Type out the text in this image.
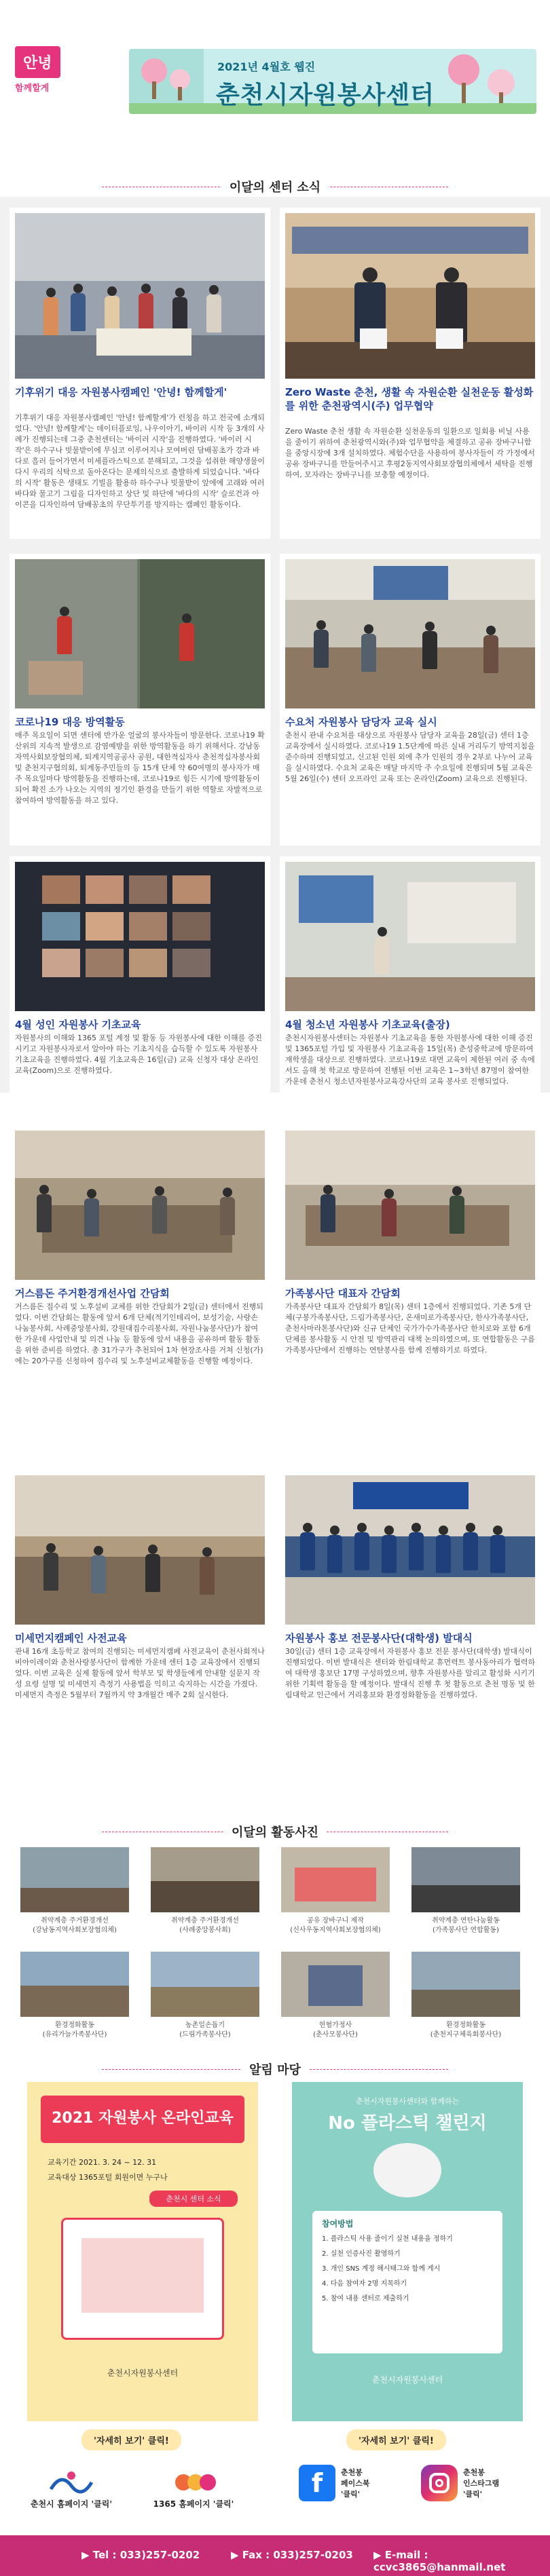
안녕
함께할게
2021년 4월호 웹진
춘천시자원봉사센터
이달의 센터 소식
기후위기 대응 자원봉사캠페인 '안녕! 함께할게'
기후위기 대응 자원봉사캠페인 '안녕! 함께할게'가 런칭을 하고 전국에 소개되었다. '안녕! 함께할게'는 데이터플로잉, 나우이아기, 바이러 시작 등 3개의 사례가 진행되는데 그중 춘천센터는 '바이러 시작'을 진행하였다. '바이러 시작'은 하수구나 빗물받이에 무심코 이루어지나 모여버린 담배꽁초가 강과 바다로 흘러 들어가면서 미세플라스틱으로 분해되고, 그것을 섭취한 해양생물이 다시 우리의 식탁으로 돌아온다는 문제의식으로 출발하게 되었습니다. '바다의 시작' 활동은 생태도 기빌을 활용하 하수구나 빗물받이 앞에에 고래와 여러 바다와 물고기 그림을 디자인하고 상단 및 하단에 '바다의 시작' 슬로건과 아이콘을 디자인하여 담배꽁초의 무단투기를 방지하는 캠페인 활동이다.
Zero Waste 춘천, 생활 속 자원순환 실천운동 활성화를 위한 춘천광역시(주) 업무협약
Zero Waste 춘천 생활 속 자원순환 실천운동의 일환으로 일회용 비닐 사용을 줄이기 위하여 춘천광역시와(주)와 업무협약을 체결하고 공유 장바구니함을 중앙시장에 3개 설치하였다. 체험수단을 사용하여 봉사자들이 각 가정에서 공유 장바구니를 만들어주시고 후평2동지역사회보장협의체에서 세탁을 진행하여, 모자라는 장바구니를 보충할 예정이다.
코로나19 대응 방역활동
매주 목요일이 되면 센터에 반가운 얼굴의 봉사자들이 방문한다. 코로나19 확산위의 지속적 발생으로 감염예방을 위한 방역활동을 하기 위해서다. 강남동자역사회보장협의체, 퇴계지역공공사 공원, 대한적십자사 춘천적십자봉사회 및 춘천지구협의회, 퇴계동주민들의 등 15개 단체 약 60여명의 봉사자가 매주 목요일마다 방역활동을 진행하는데, 코로나19로 힘든 시기에 방역활동이 되어 확진 소가 나오는 지역의 정기인 환경을 만들기 위한 역할로 자발적으로 참여하여 방역활동을 하고 있다.
수요처 자원봉사 담당자 교육 실시
춘천시 관내 수요처를 대상으로 자원봉사 담당자 교육을 28일(금) 센터 1층 교육장에서 실시하였다. 코로나19 1.5단계에 따른 실내 거리두기 방역지침을 준수하며 진행되었고, 신고된 인원 외에 추가 인원의 경우 2부로 나누어 교육을 실시하였다. 수요처 교육은 매달 마지막 주 수요일에 진행되며 5월 교육은 5월 26일(수) 센터 오프라인 교육 또는 온라인(Zoom) 교육으로 진행된다.
4월 성인 자원봉사 기초교육
자원봉사의 이해와 1365 포털 계정 및 활동 등 자원봉사에 대한 이해를 증진 시키고 자원봉사자로서 알아야 하는 기초지식을 습득할 수 있도록 자원봉사 기초교육을 진행하였다. 4월 기초교육은 16일(금) 교육 신청자 대상 온라인 교육(Zoom)으로 진행하였다.
4월 청소년 자원봉사 기초교육(출장)
춘천시자원봉사센터는 자원봉사 기초교육을 통한 자원봉사에 대한 이해 증진 및 1365포털 가입 및 자원봉사 기초교육을 15일(목) 춘성중학교에 방문하여 재학생을 대상으로 진행하였다. 코로나19로 대면 교육이 제한된 여러 중 속에서도 올해 첫 학교로 방문하여 진행된 이번 교육은 1~3학년 87명이 참여한 가운데 춘천시 청소년자원봉사교육강사단의 교육 봉사로 진행되었다.
거스름돈 주거환경개선사업 간담회
거스름돈 집수리 및 노후설비 교체를 위한 간담회가 2일(금) 센터에서 진행되었다. 이번 간담회는 활동에 앞서 6개 단체(적기인테리어, 보성기술, 사랑손나눔봉사회, 사례중앙봉사회, 강원대집수리봉사회, 자원나눔봉사단)가 참여한 가운데 사업안내 및 의견 나눔 등 활동에 앞서 내용을 공유하며 활동 활동을 위한 준비를 하였다. 총 31가구가 추천되어 1차 현장조사를 거쳐 신청(가)에는 20가구를 신청하여 집수리 및 노후설비교체활동을 진행할 예정이다.
가족봉사단 대표자 간담회
가족봉사단 대표자 간담회가 8일(목) 센터 1층에서 진행되었다. 기존 5개 단체(구봉가족봉사단, 드림가족봉사단, 온새미로가족봉사단, 한사가족봉사단, 춘천사마라톤봉사단)와 신규 단체인 국가가수가족봉사단 한치로와 포함 6개 단체를 봉사활동 시 안전 및 방역관리 대책 논의하였으며, 또 연합활동은 구름가족봉사단에서 진행하는 연탄봉사를 함께 진행하기로 하였다.
미세먼지캠페인 사전교육
관내 16개 초등학교 참여의 진행되는 미세먼지캠페 사전교육이 춘천사회적나비아이레이와 춘천사랑봉사단이 함께한 가운데 센터 1층 교육장에서 진행되었다. 이번 교육은 실제 활동에 앞서 학부모 및 학생들에게 안내할 설문지 작성 요령 설명 및 미세먼지 측정기 사용법을 익히고 숙지하는 시간을 가졌다. 미세먼지 측정은 5월부터 7월까지 약 3개월간 매주 2회 실시한다.
자원봉사 홍보 전문봉사단(대학생) 발대식
30일(금) 센터 1층 교육장에서 자원봉사 홍보 전문 봉사단(대학생) 발대식이 진행되었다. 이번 발대식은 센터와 한림대학교 휴먼력트 봉사동아리가 협력하여 대학생 홍보단 17명 구성하였으며, 향후 자원봉사를 알리고 활성화 시키기 위한 기획력 활동을 할 예정이다. 발대식 진행 후 첫 활동으로 춘천 명동 및 한림대학교 인근에서 거리홍보와 환경정화활동을 진행하였다.
이달의 활동사진
취약계층 주거환경개선
(강남동지역사회보장협의체)
취약계층 주거환경개선
(사례중앙봉사회)
공유 장바구니 제작
(신사우동지역사회보장협의체)
취약계층 연탄나눔활동
(가족봉사단 연합활동)
환경정화활동
(유리가늘가족봉사단)
농촌일손돕기
(드림가족봉사단)
헌혈가정사
(춘사모봉사단)
환경정화활동
(춘천지구체육회봉사단)
알림 마당
2021 자원봉사 온라인교육
교육기간 2021. 3. 24 ~ 12. 31
교육대상 1365포털 회원이면 누구나
춘천시 센터 소식
춘천시자원봉사센터
'자세히 보기' 클릭!
춘천시자원봉사센터와 함께하는
No 플라스틱 챌린지
참여방법
1. 플라스틱 사용 줄이기 실천 내용을 정하기
2. 실천 인증사진 촬영하기
3. 개인 SNS 계정 해시태그와 함께 게시
4. 다음 참여자 2명 지목하기
5. 참여 내용 센터로 제출하기
춘천시자원봉사센터
'자세히 보기' 클릭!
춘천시 홈페이지 '클릭'	1365 홈페이지 '클릭'
f	춘천봉
페이스북
'클릭'
춘천봉
인스타그램
'클릭'
▶ Tel : 033)257-0202	▶ Fax : 033)257-0203 ▶ E-mail : ccvc3865@hanmail.net
